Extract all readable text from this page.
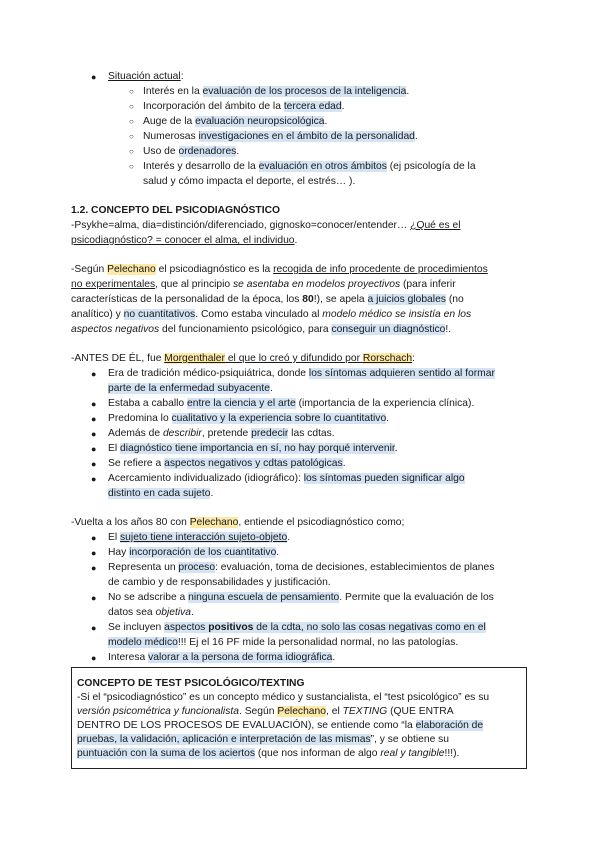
● Situación actual:
○ Interés en la evaluación de los procesos de la inteligencia.
○ Incorporación del ámbito de la tercera edad.
○ Auge de la evaluación neuropsicológica.
○ Numerosas investigaciones en el ámbito de la personalidad.
○ Uso de ordenadores.
○ Interés y desarrollo de la evaluación en otros ámbitos (ej psicología de la
salud y cómo impacta el deporte, el estrés… ).
1.2. CONCEPTO DEL PSICODIAGNÓSTICO
-Psykhe=alma, dia=distinción/diferenciado, gignosko=conocer/entender… ¿Qué es el
psicodiagnóstico? = conocer el alma, el individuo.
-Según Pelechano el psicodiagnóstico es la recogida de info procedente de procedimientos
no experimentales, que al principio se asentaba en modelos proyectivos (para inferir
características de la personalidad de la época, los 80!), se apela a juicios globales (no
analítico) y no cuantitativos. Como estaba vinculado al modelo médico se insistía en los
aspectos negativos del funcionamiento psicológico, para conseguir un diagnóstico!.
-ANTES DE ÉL, fue Morgenthaler el que lo creó y difundido por Rorschach:
● Era de tradición médico-psiquiátrica, donde los síntomas adquieren sentido al formar
parte de la enfermedad subyacente.
● Estaba a caballo entre la ciencia y el arte (importancia de la experiencia clínica).
● Predomina lo cualitativo y la experiencia sobre lo cuantitativo.
● Además de describir, pretende predecir las cdtas.
● El diagnóstico tiene importancia en sí, no hay porqué intervenir.
● Se refiere a aspectos negativos y cdtas patológicas.
● Acercamiento individualizado (idiográfico): los síntomas pueden significar algo
distinto en cada sujeto.
-Vuelta a los años 80 con Pelechano, entiende el psicodiagnóstico como;
● El sujeto tiene interacción sujeto-objeto.
● Hay incorporación de los cuantitativo.
● Representa un proceso: evaluación, toma de decisiones, establecimientos de planes
de cambio y de responsabilidades y justificación.
● No se adscribe a ninguna escuela de pensamiento. Permite que la evaluación de los
datos sea objetiva.
● Se incluyen aspectos positivos de la cdta, no solo las cosas negativas como en el
modelo médico!!! Ej el 16 PF mide la personalidad normal, no las patologías.
● Interesa valorar a la persona de forma idiográfica.
CONCEPTO DE TEST PSICOLÓGICO/TEXTING
-Si el “psicodiagnóstico” es un concepto médico y sustancialista, el “test psicológico” es su
versión psicométrica y funcionalista. Según Pelechano, el TEXTING (QUE ENTRA
DENTRO DE LOS PROCESOS DE EVALUACIÓN), se entiende como “la elaboración de
pruebas, la validación, aplicación e interpretación de las mismas”, y se obtiene su
puntuación con la suma de los aciertos (que nos informan de algo real y tangible!!!).
